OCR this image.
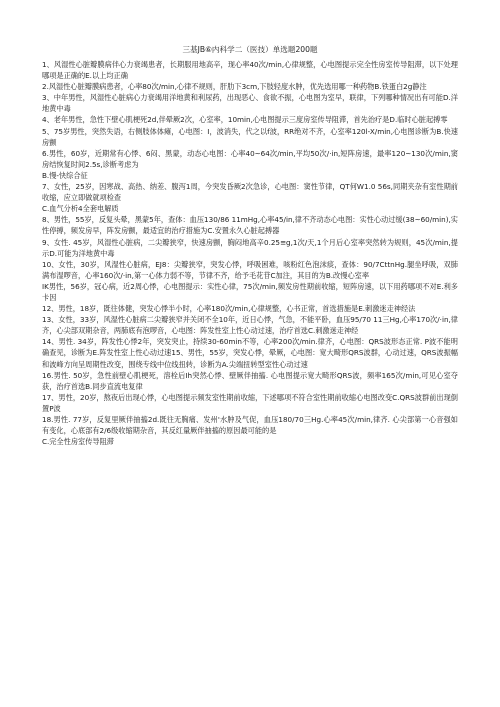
三基JB⑥内科学二（医技）单选题200题

1、风湿性心脏瓣膜病伴心力衰竭患者，长期服用地高辛，现心率40次/min,心律规整，心电图提示完全性房室传导阻滞，以下处理哪项是正确的E.以上均正确

2.风湿性心脏瓣膜病患者，心率80次/min,心律不规则，肝肋下3cm,下肢轻度水肿，优先选用哪一种药物B.铁蛋白2g静注

3、中年男性，风湿性心脏病心力衰竭用洋地黄和利尿药，出现恶心、食欲不振，心电图为室早，联律，下列哪种情况出有可能D.洋地黄中毒

4、老年男性，急性下壁心肌梗死2d,伴晕厥2次，心室率，10min,心电图提示三度房室传导阻滞，首先治疗是D.临时心脏起搏零

5、75岁男性，突然失语，右侧肢体体瘫，心电图：I，波消失，代之以f波，RR绝对不齐，心室率120l-X/min,心电图诊断为B.快速房颤

6.男性，60岁，近期常有心悸、6闷、黑蒙，动态心电图：心率40~64次/min,平均50次/·in,短阵房速，最率120~130次/min,窦房结恢复时间2.5s,诊断考虑为

B.慢-快综合征

7、女性，25岁，因寒战、高热、纳差、腹泻1周，今突发昏厥2次急诊，心电图：窦性节律，QT何W1.0 56s,同期夹杂有室性期前收缩，应立即做就项检查

C.血气分析4全套电解质

8、男性，55岁，反复头晕，黑蒙5年，查体：血压130/86 11mHg,心率45/in,律不齐动态心电图：实性心动过缓(38~60/min),实性停搏，频发房早，阵发房颤，最适宜的治疗措施为C.安置永久心脏起搏器

9、女性. 45岁，风湿性心脏病，二尖瓣狭窄，快速房颤，胸闷地高辛0.25≡g,1次/天,1个月后心室率突然转为规则，45次/min,提示D.可能为洋地黄中毒

10、女性，30岁，风湿性心脏病，EJ8：尖瓣狭窄，突发心悸，呼吸困难，咳粉红色泡沫痰，查体：90/7CttnHg.腿坐呼吸，双肺满布湿啰音，心率160次/·in,第一心体力弱不等，节律不齐，给予毛花苷C加注，其目的为B.改慢心室率

IK男性，56岁，冠心病，近2周心悸，心电图提示：实性心律，75次/min,频发房性期前收缩，短阵房速，以下用药哪项不对E.利多卡因

12、男性，18岁，既往体健，突发心悸半小时，心率180次/min,心律规整，心书正常，首选措施是E.刺激迷走神经法

13、女性，33岁，风湿性心脏病二尖瓣狭窄并关闭不全10年，近日心悸，气急，不能平卧，血压95/70 11三Hg,心率170次/·in,律齐，心尖部双期杂音，两肺底有泡啰音，心电图：阵发性室上性心动过速，治疗首选C.刺激迷走神经

14、男性. 34岁，阵发性心悸2年，突发突止，持续30-60min不等，心率200次/min.律齐，心电图：QRS波形态正常. P波不能明确查见，诊断为E.阵发性室上性心动过速15、男性，55岁，突发心悸，晕厥，心电图：宽大畸形QRS波群，心动过速，QRS波振幅和波峰方向呈周期性改变，围绕专线中位线扭转，诊断为A.尖端扭转型室性心动过速

16.男性. 50岁，急性前壁心肌梗死，溶栓后Ih突然心悸、壁厥伴抽搐. 心电图提示宽大畸形QRS波，频率165次/min,可见心室夺获，治疗首选B.同步直流电复律

17、男性，20岁，熬夜后出现心悸，心电图提示频发室性期前收缩，下述哪项不符合室性期前收缩心电图改变C.QRS波群前出现倒置P波

18.男性. 77岁，反复里厥伴抽搐2d.既往无胸痛、发州'水肿及气促，血压180/70三Hg.心率45次/min,律齐. 心尖部第一心音强如有变化，心底部有2/6级收缩期杂音，其反红量厥伴抽搐的原因最可能的是

C.完全性房室传导阻滞
